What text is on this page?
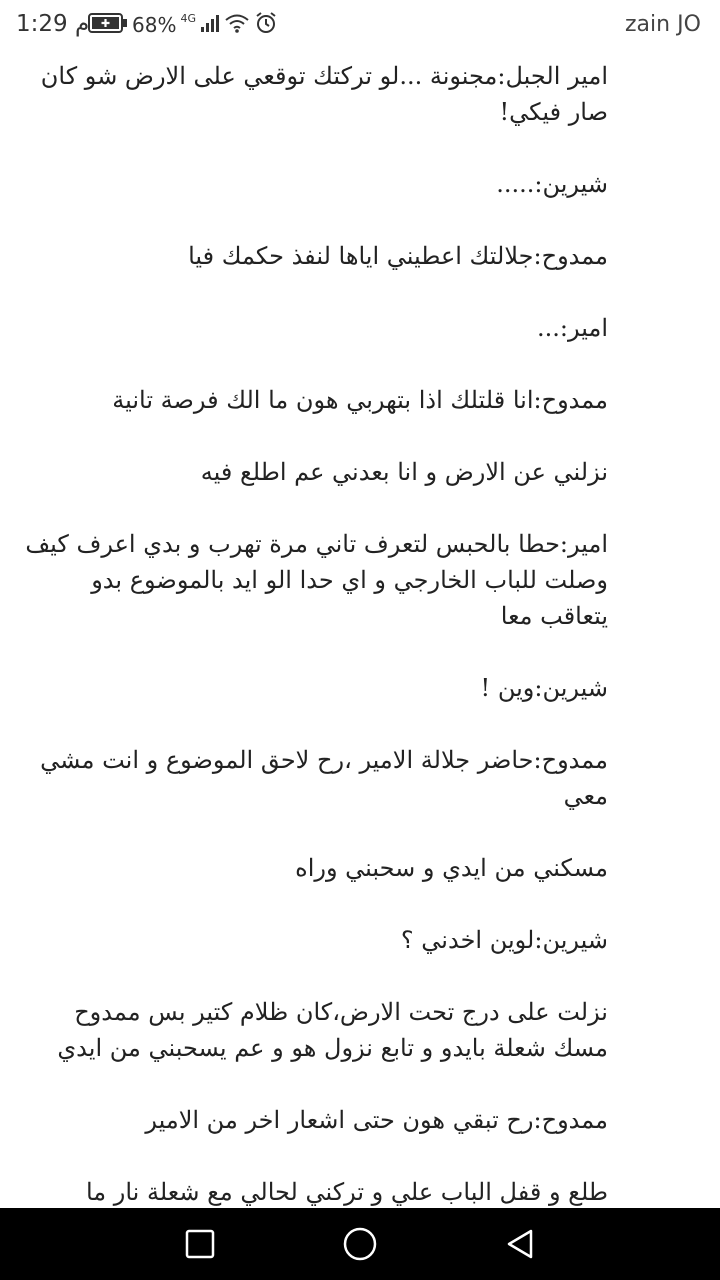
1:29 م 68% 4G	zain JO

امير الجبل:مجنونة ...لو تركتك توقعي على الارض شو كان صار فيكي!

شيرين:.....

ممدوح:جلالتك اعطيني اياها لنفذ حكمك فيا

امير:...

ممدوح:انا قلتلك اذا بتهربي هون ما الك فرصة تانية

نزلني عن الارض و انا بعدني عم اطلع فيه

امير:حطا بالحبس لتعرف تاني مرة تهرب و بدي اعرف كيف وصلت للباب الخارجي و اي حدا الو ايد بالموضوع بدو يتعاقب معا

شيرين:وين !

ممدوح:حاضر جلالة الامير ،رح لاحق الموضوع و انت مشي معي

مسكني من ايدي و سحبني وراه

شيرين:لوين اخدني ؟

نزلت على درج تحت الارض،كان ظلام كتير بس ممدوح مسك شعلة بايدو و تابع نزول هو و عم يسحبني من ايدي

ممدوح:رح تبقي هون حتى اشعار اخر من الامير

طلع و قفل الباب علي و تركني لحالي مع شعلة نار ما
